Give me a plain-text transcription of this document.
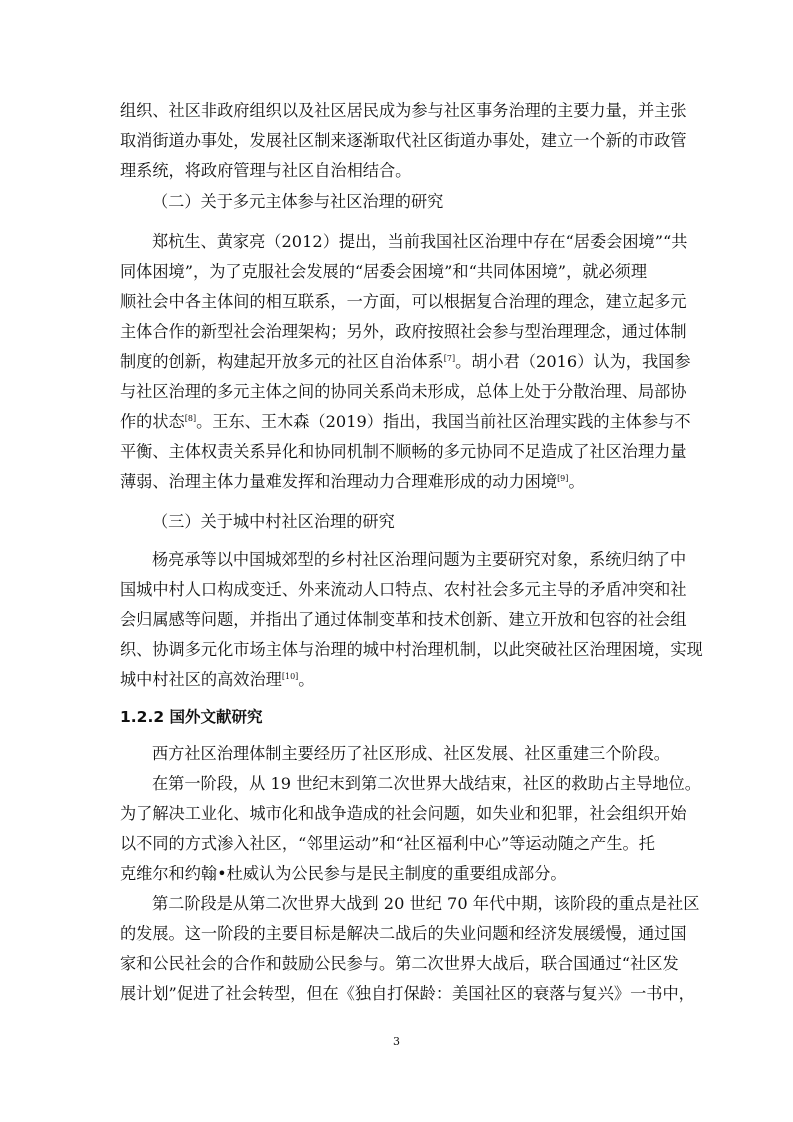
组织、社区非政府组织以及社区居民成为参与社区事务治理的主要力量，并主张
取消街道办事处，发展社区制来逐渐取代社区街道办事处，建立一个新的市政管
理系统，将政府管理与社区自治相结合。
（二）关于多元主体参与社区治理的研究
郑杭生、黄家亮（2012）提出，当前我国社区治理中存在“居委会困境”“共
同体困境”，为了克服社会发展的“居委会困境”和“共同体困境”，就必须理
顺社会中各主体间的相互联系，一方面，可以根据复合治理的理念，建立起多元
主体合作的新型社会治理架构；另外，政府按照社会参与型治理理念，通过体制
制度的创新，构建起开放多元的社区自治体系[7]。胡小君（2016）认为，我国参
与社区治理的多元主体之间的协同关系尚未形成，总体上处于分散治理、局部协
作的状态[8]。王东、王木森（2019）指出，我国当前社区治理实践的主体参与不
平衡、主体权责关系异化和协同机制不顺畅的多元协同不足造成了社区治理力量
薄弱、治理主体力量难发挥和治理动力合理难形成的动力困境[9]。
（三）关于城中村社区治理的研究
杨亮承等以中国城郊型的乡村社区治理问题为主要研究对象，系统归纳了中
国城中村人口构成变迁、外来流动人口特点、农村社会多元主导的矛盾冲突和社
会归属感等问题，并指出了通过体制变革和技术创新、建立开放和包容的社会组
织、协调多元化市场主体与治理的城中村治理机制，以此突破社区治理困境，实现
城中村社区的高效治理[10]。
1.2.2 国外文献研究
西方社区治理体制主要经历了社区形成、社区发展、社区重建三个阶段。
在第一阶段，从 19 世纪末到第二次世界大战结束，社区的救助占主导地位。
为了解决工业化、城市化和战争造成的社会问题，如失业和犯罪，社会组织开始
以不同的方式渗入社区，“邻里运动”和“社区福利中心”等运动随之产生。托
克维尔和约翰•杜威认为公民参与是民主制度的重要组成部分。
第二阶段是从第二次世界大战到 20 世纪 70 年代中期，该阶段的重点是社区
的发展。这一阶段的主要目标是解决二战后的失业问题和经济发展缓慢，通过国
家和公民社会的合作和鼓励公民参与。第二次世界大战后，联合国通过“社区发
展计划”促进了社会转型，但在《独自打保龄：美国社区的衰落与复兴》一书中，
3
